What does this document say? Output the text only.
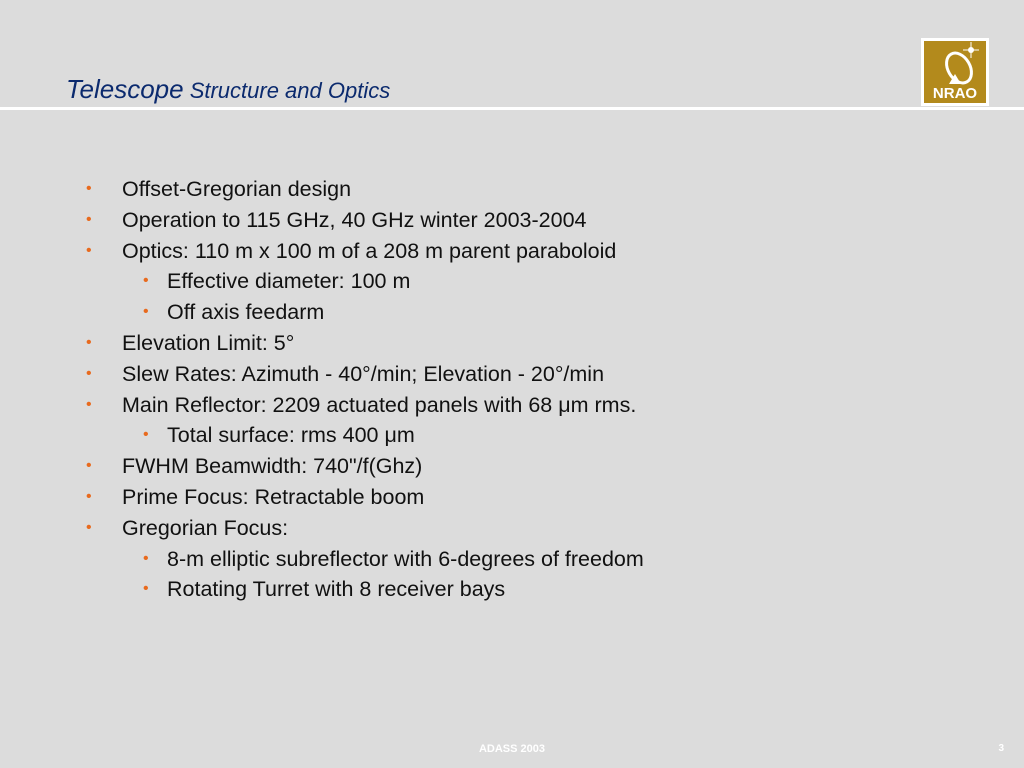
Telescope Structure and Optics	NRAO
• Offset-Gregorian design
• Operation to 115 GHz, 40 GHz winter 2003-2004
• Optics: 110 m x 100 m of a 208 m parent paraboloid
• Effective diameter: 100 m
• Off axis feedarm
• Elevation Limit: 5°
• Slew Rates: Azimuth - 40°/min; Elevation - 20°/min
• Main Reflector: 2209 actuated panels with 68 μm rms.
• Total surface: rms 400 μm
• FWHM Beamwidth: 740"/f(Ghz)
• Prime Focus: Retractable boom
• Gregorian Focus:
• 8-m elliptic subreflector with 6-degrees of freedom
• Rotating Turret with 8 receiver bays
ADASS 2003	3
